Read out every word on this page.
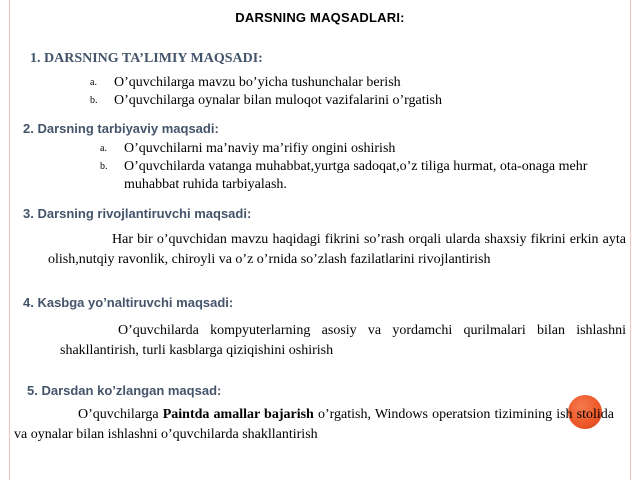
DARSNING MAQSADLARI:
1. DARSNING TA’LIMIY MAQSADI:
a. O’quvchilarga mavzu bo’yicha tushunchalar berish
b. O’quvchilarga oynalar bilan muloqot vazifalarini o’rgatish
2. Darsning tarbiyaviy maqsadi:
a. O’quvchilarni ma’naviy ma’rifiy ongini oshirish
b. O’quvchilarda vatanga muhabbat,yurtga sadoqat,o’z tiliga hurmat, ota-onaga mehr muhabbat ruhida tarbiyalash.
3. Darsning rivojlantiruvchi maqsadi:
Har bir o’quvchidan mavzu haqidagi fikrini so’rash orqali ularda shaxsiy fikrini erkin ayta olish,nutqiy ravonlik, chiroyli va o’z o’rnida so’zlash fazilatlarini rivojlantirish
4. Kasbga yo’naltiruvchi maqsadi:
O’quvchilarda kompyuterlarning asosiy va yordamchi qurilmalari bilan ishlashni shakllantirish, turli kasblarga qiziqishini oshirish
5. Darsdan ko’zlangan maqsad:
O’quvchilarga Paintda amallar bajarish o’rgatish, Windows operatsion tizimining ish stolida va oynalar bilan ishlashni o’quvchilarda shakllantirish
